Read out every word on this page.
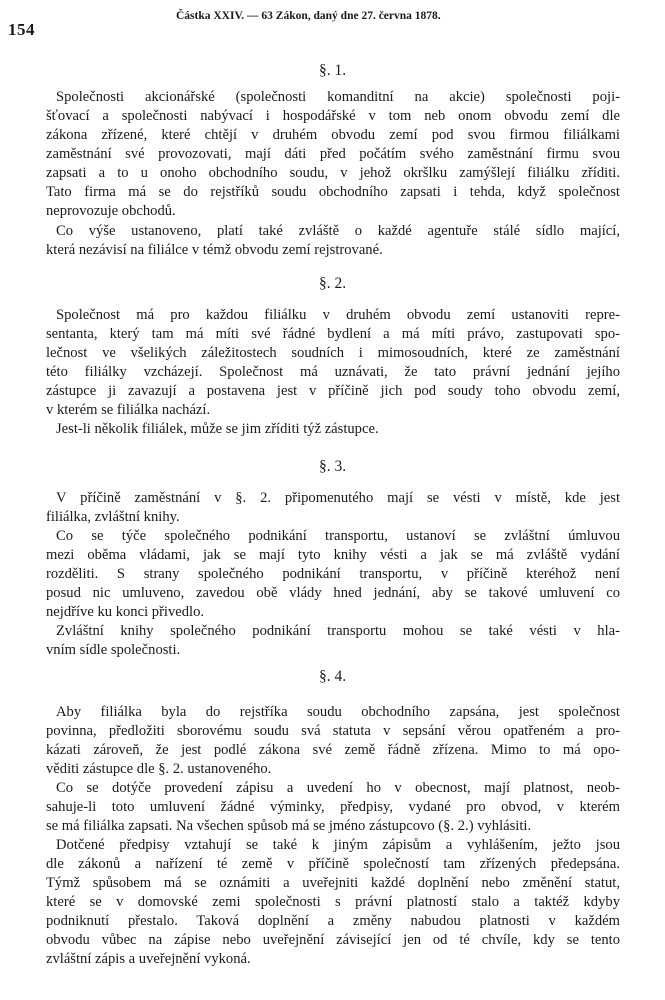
154
Částka XXIV. — 63 Zákon, daný dne 27. června 1878.
§. 1.
Společnosti akcionářské (společnosti komanditní na akcie) společnosti poji-
šťovací a společnosti nabývací i hospodářské v tom neb onom obvodu zemí dle
zákona zřízené, které chtějí v druhém obvodu zemí pod svou firmou filiálkami
zaměstnání své provozovati, mají dáti před počátím svého zaměstnání firmu svou
zapsati a to u onoho obchodního soudu, v jehož okršlku zamýšlejí filiálku zříditi.
Tato firma má se do rejstříků soudu obchodního zapsati i tehda, když společnost
neprovozuje obchodů.
Co výše ustanoveno, platí také zvláště o každé agentuře stálé sídlo mající,
která nezávisí na filiálce v témž obvodu zemí rejstrované.
§. 2.
Společnost má pro každou filiálku v druhém obvodu zemí ustanoviti repre-
sentanta, který tam má míti své řádné bydlení a má míti právo, zastupovati spo-
lečnost ve všelikých záležitostech soudních i mimosoudních, které ze zaměstnání
této filiálky vzcházejí. Společnost má uznávati, že tato právní jednání jejího
zástupce ji zavazují a postavena jest v příčině jich pod soudy toho obvodu zemí,
v kterém se filiálka nachází.
Jest-li několik filiálek, může se jim zříditi týž zástupce.
§. 3.
V příčině zaměstnání v §. 2. připomenutého mají se vésti v místě, kde jest
filiálka, zvláštní knihy.
Co se týče společného podnikání transportu, ustanoví se zvláštní úmluvou
mezi oběma vládami, jak se mají tyto knihy vésti a jak se má zvláště vydání
rozděliti. S strany společného podnikání transportu, v příčině kteréhož není
posud nic umluveno, zavedou obě vlády hned jednání, aby se takové umluvení co
nejdříve ku konci přivedlo.
Zvláštní knihy společného podnikání transportu mohou se také vésti v hla-
vním sídle společnosti.
§. 4.
Aby filiálka byla do rejstříka soudu obchodního zapsána, jest společnost
povinna, předložiti sborovému soudu svá statuta v sepsání věrou opatřeném a pro-
kázati zároveň, že jest podlé zákona své země řádně zřízena. Mimo to má opo-
věditi zástupce dle §. 2. ustanoveného.
Co se dotýče provedení zápisu a uvedení ho v obecnost, mají platnost, neob-
sahuje-li toto umluvení žádné výminky, předpisy, vydané pro obvod, v kterém
se má filiálka zapsati. Na všechen spůsob má se jméno zástupcovo (§. 2.) vyhlásiti.
Dotčené předpisy vztahují se také k jiným zápisům a vyhlášením, ježto jsou
dle zákonů a nařízení té země v příčině společností tam zřízených předepsána.
Týmž spůsobem má se oznámiti a uveřejniti každé doplnění nebo změnění statut,
které se v domovské zemi společnosti s právní platností stalo a taktéž kdyby
podniknutí přestalo. Taková doplnění a změny nabudou platnosti v každém
obvodu vůbec na zápise nebo uveřejnění závisející jen od té chvíle, kdy se tento
zvláštní zápis a uveřejnění vykoná.
